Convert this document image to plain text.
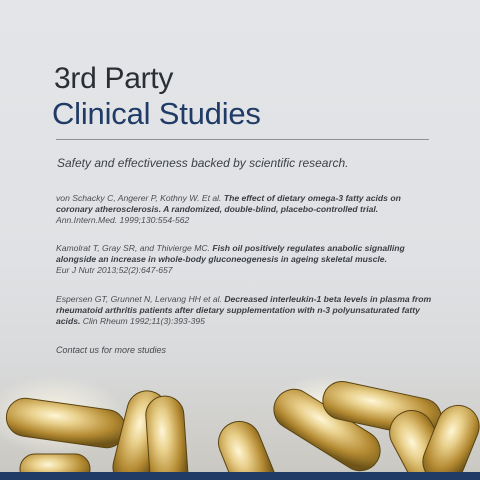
3rd Party
Clinical Studies
Safety and effectiveness backed by scientific research.
von Schacky C, Angerer P, Kothny W. Et al. The effect of dietary omega-3 fatty acids on coronary atherosclerosis. A randomized, double-blind, placebo-controlled trial.
Ann.Intern.Med. 1999;130:554-562
Kamolrat T, Gray SR, and Thivierge MC. Fish oil positively regulates anabolic signalling alongside an increase in whole-body gluconeogenesis in ageing skeletal muscle.
Eur J Nutr 2013;52(2):647-657
Espersen GT, Grunnet N, Lervang HH et al. Decreased interleukin-1 beta levels in plasma from rheumatoid arthritis patients after dietary supplementation with n-3 polyunsaturated fatty acids. Clin Rheum 1992;11(3):393-395
Contact us for more studies
